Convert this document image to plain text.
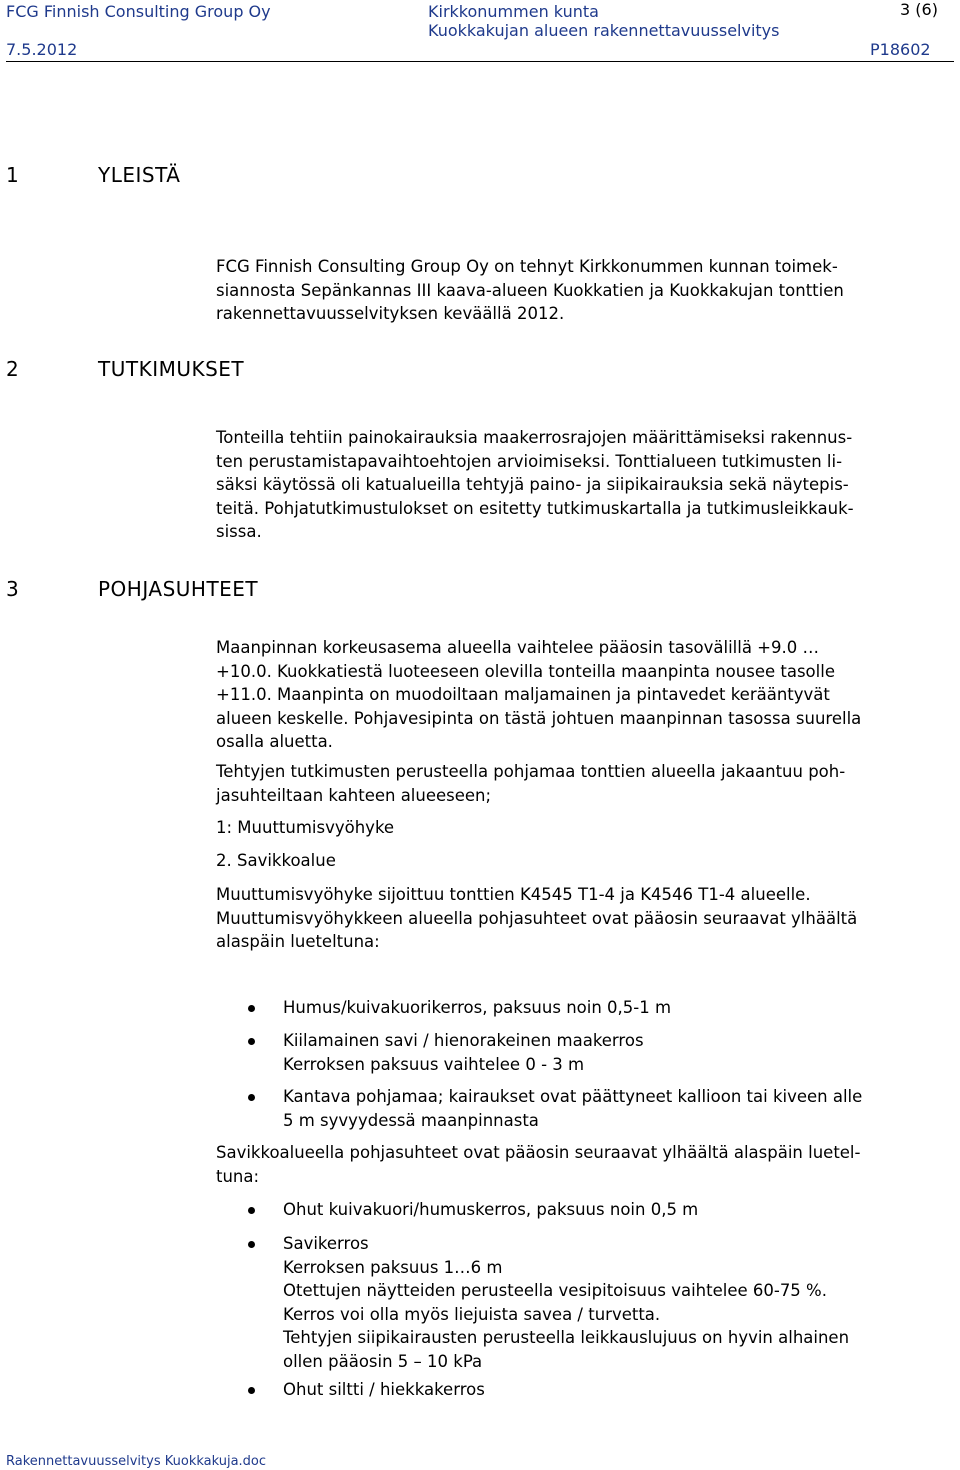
FCG Finnish Consulting Group Oy	Kirkkonummen kunta	3 (6)
7.5.2012
Kuokkakujan alueen rakennettavuusselvitys
P18602
1	YLEISTÄ
FCG Finnish Consulting Group Oy on tehnyt Kirkkonummen kunnan toimek-
siannosta Sepänkannas III kaava-alueen Kuokkatien ja Kuokkakujan tonttien
rakennettavuusselvityksen keväällä 2012.
2	TUTKIMUKSET
Tonteilla tehtiin painokairauksia maakerrosrajojen määrittämiseksi rakennus-
ten perustamistapavaihtoehtojen arvioimiseksi. Tonttialueen tutkimusten li-
säksi käytössä oli katualueilla tehtyjä paino- ja siipikairauksia sekä näytepis-
teitä. Pohjatutkimustulokset on esitetty tutkimuskartalla ja tutkimusleikkauk-
sissa.
3	POHJASUHTEET
Maanpinnan korkeusasema alueella vaihtelee pääosin tasovälillä +9.0 …
+10.0. Kuokkatiestä luoteeseen olevilla tonteilla maanpinta nousee tasolle
+11.0. Maanpinta on muodoiltaan maljamainen ja pintavedet kerääntyvät
alueen keskelle. Pohjavesipinta on tästä johtuen maanpinnan tasossa suurella
osalla aluetta.
Tehtyjen tutkimusten perusteella pohjamaa tonttien alueella jakaantuu poh-
jasuhteiltaan kahteen alueeseen;
1: Muuttumisvyöhyke
2. Savikkoalue
Muuttumisvyöhyke sijoittuu tonttien K4545 T1-4 ja K4546 T1-4 alueelle.
Muuttumisvyöhykkeen alueella pohjasuhteet ovat pääosin seuraavat ylhäältä
alaspäin lueteltuna:
Humus/kuivakuorikerros, paksuus noin 0,5-1 m
Kiilamainen savi / hienorakeinen maakerros
Kerroksen paksuus vaihtelee 0 - 3 m
Kantava pohjamaa; kairaukset ovat päättyneet kallioon tai kiveen alle
5 m syvyydessä maanpinnasta
Savikkoalueella pohjasuhteet ovat pääosin seuraavat ylhäältä alaspäin luetel-
tuna:
Ohut kuivakuori/humuskerros, paksuus noin 0,5 m
Savikerros
Kerroksen paksuus 1…6 m
Otettujen näytteiden perusteella vesipitoisuus vaihtelee 60-75 %.
Kerros voi olla myös liejuista savea / turvetta.
Tehtyjen siipikairausten perusteella leikkauslujuus on hyvin alhainen
ollen pääosin 5 – 10 kPa
Ohut siltti / hiekkakerros
Rakennettavuusselvitys Kuokkakuja.doc
